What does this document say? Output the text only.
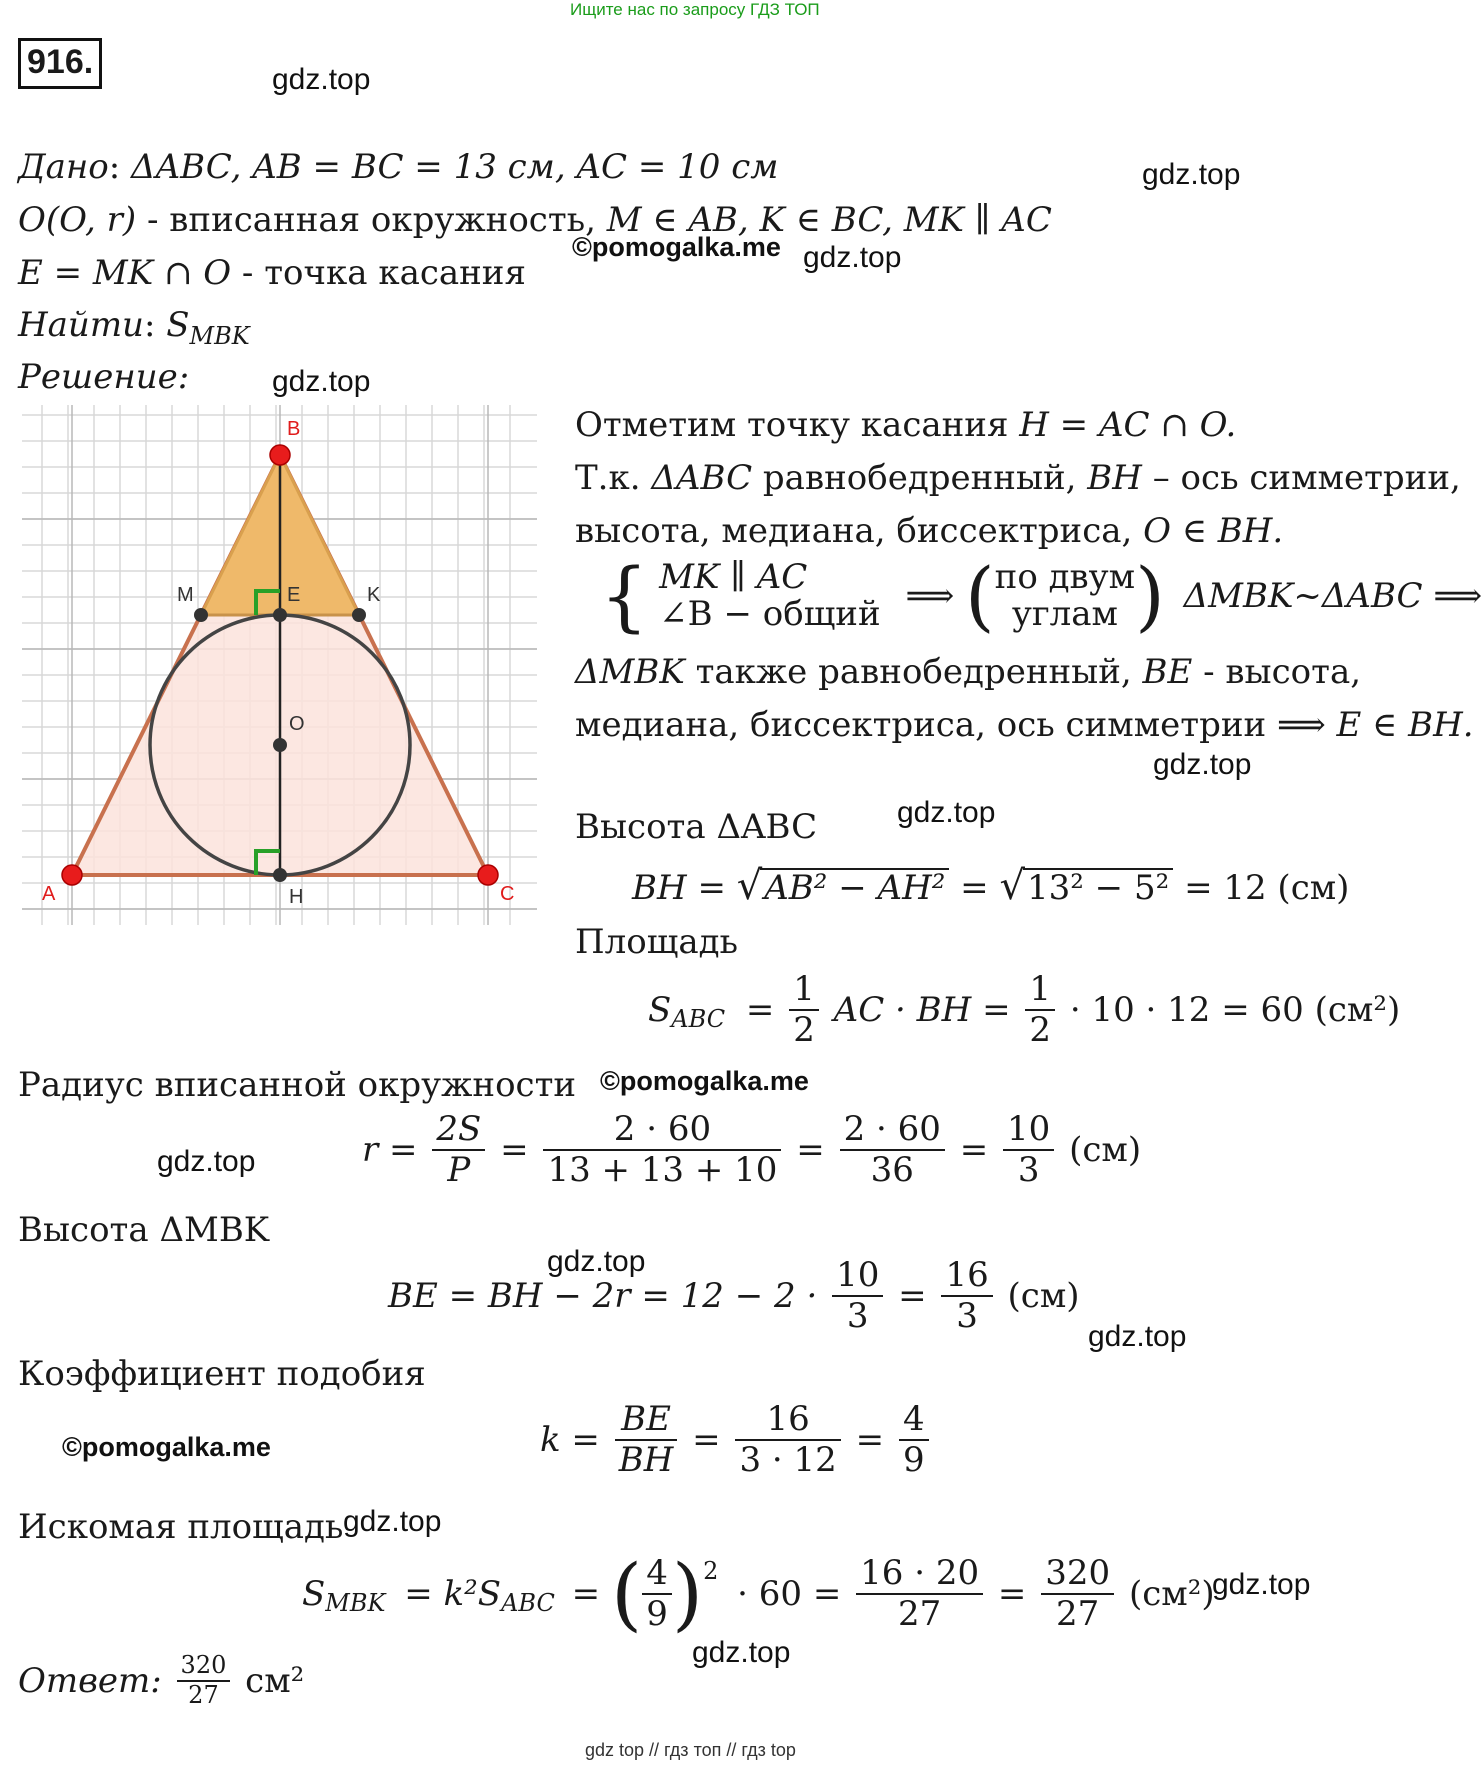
Ищите нас по запросу ГДЗ ТОП
916.	gdz.top
gdz.top
©pomogalka.me gdz.top
gdz.top
gdz.top
gdz.top
©pomogalka.me
gdz.top
gdz.top
gdz.top
©pomogalka.me
gdz.top
gdz.top
gdz.top
Дано: ΔABC, AB = BC = 13 см, AC = 10 см
O(O, r) - вписанная окружность, M ∈ AB, K ∈ BC, MK ∥ AC
E = MK ∩ O - точка касания
Найти: $S_{MBK}$
Решение:
B
A	C
M	K
E
O
H
Отметим точку касания H = AC ∩ O.
Т.к. ΔABC равнобедренный, BH – ось симметрии,
высота, медиана, биссектриса, O ∈ BH.
{ MK ∥ AC
∠B − общий ⟹ ( по двум
углам ) ΔMBK~ΔABC ⟹
ΔMBK также равнобедренный, BE - высота,
медиана, биссектриса, ось симметрии ⟹ E ∈ BH.
Высота ΔABC
BH = √AB² − AH² = √13² − 5² = 12 (см)
Площадь
SABC = $\frac{1}{2}$ AC · BH = $\frac{1}{2} \cdot 10 \cdot 12 = 60$ (см²)
Радиус вписанной окружности
$r = \frac{2S}{P} = \frac{2 \cdot 60}{13 + 13 + 10} = \frac{2 \cdot 60}{36} = \frac{10}{3} (см)$
Высота ΔMBK
BE = BH − $2r = 12 - 2 \cdot \frac{10}{3} = \frac{16}{3} (см)$
Коэффициент подобия
$k = \frac{BE}{BH} = \frac{16}{3 \cdot 12} = \frac{4}{9}$
Искомая площадь
SMBK = k²SABC = ( $\frac{4}{9} )2 \cdot 60 = \frac{16 \cdot 20}{27} = \frac{320}{27} (см^2)$
Ответ: $\frac{320}{27} см^2$
gdz top // гдз топ // гдз top
